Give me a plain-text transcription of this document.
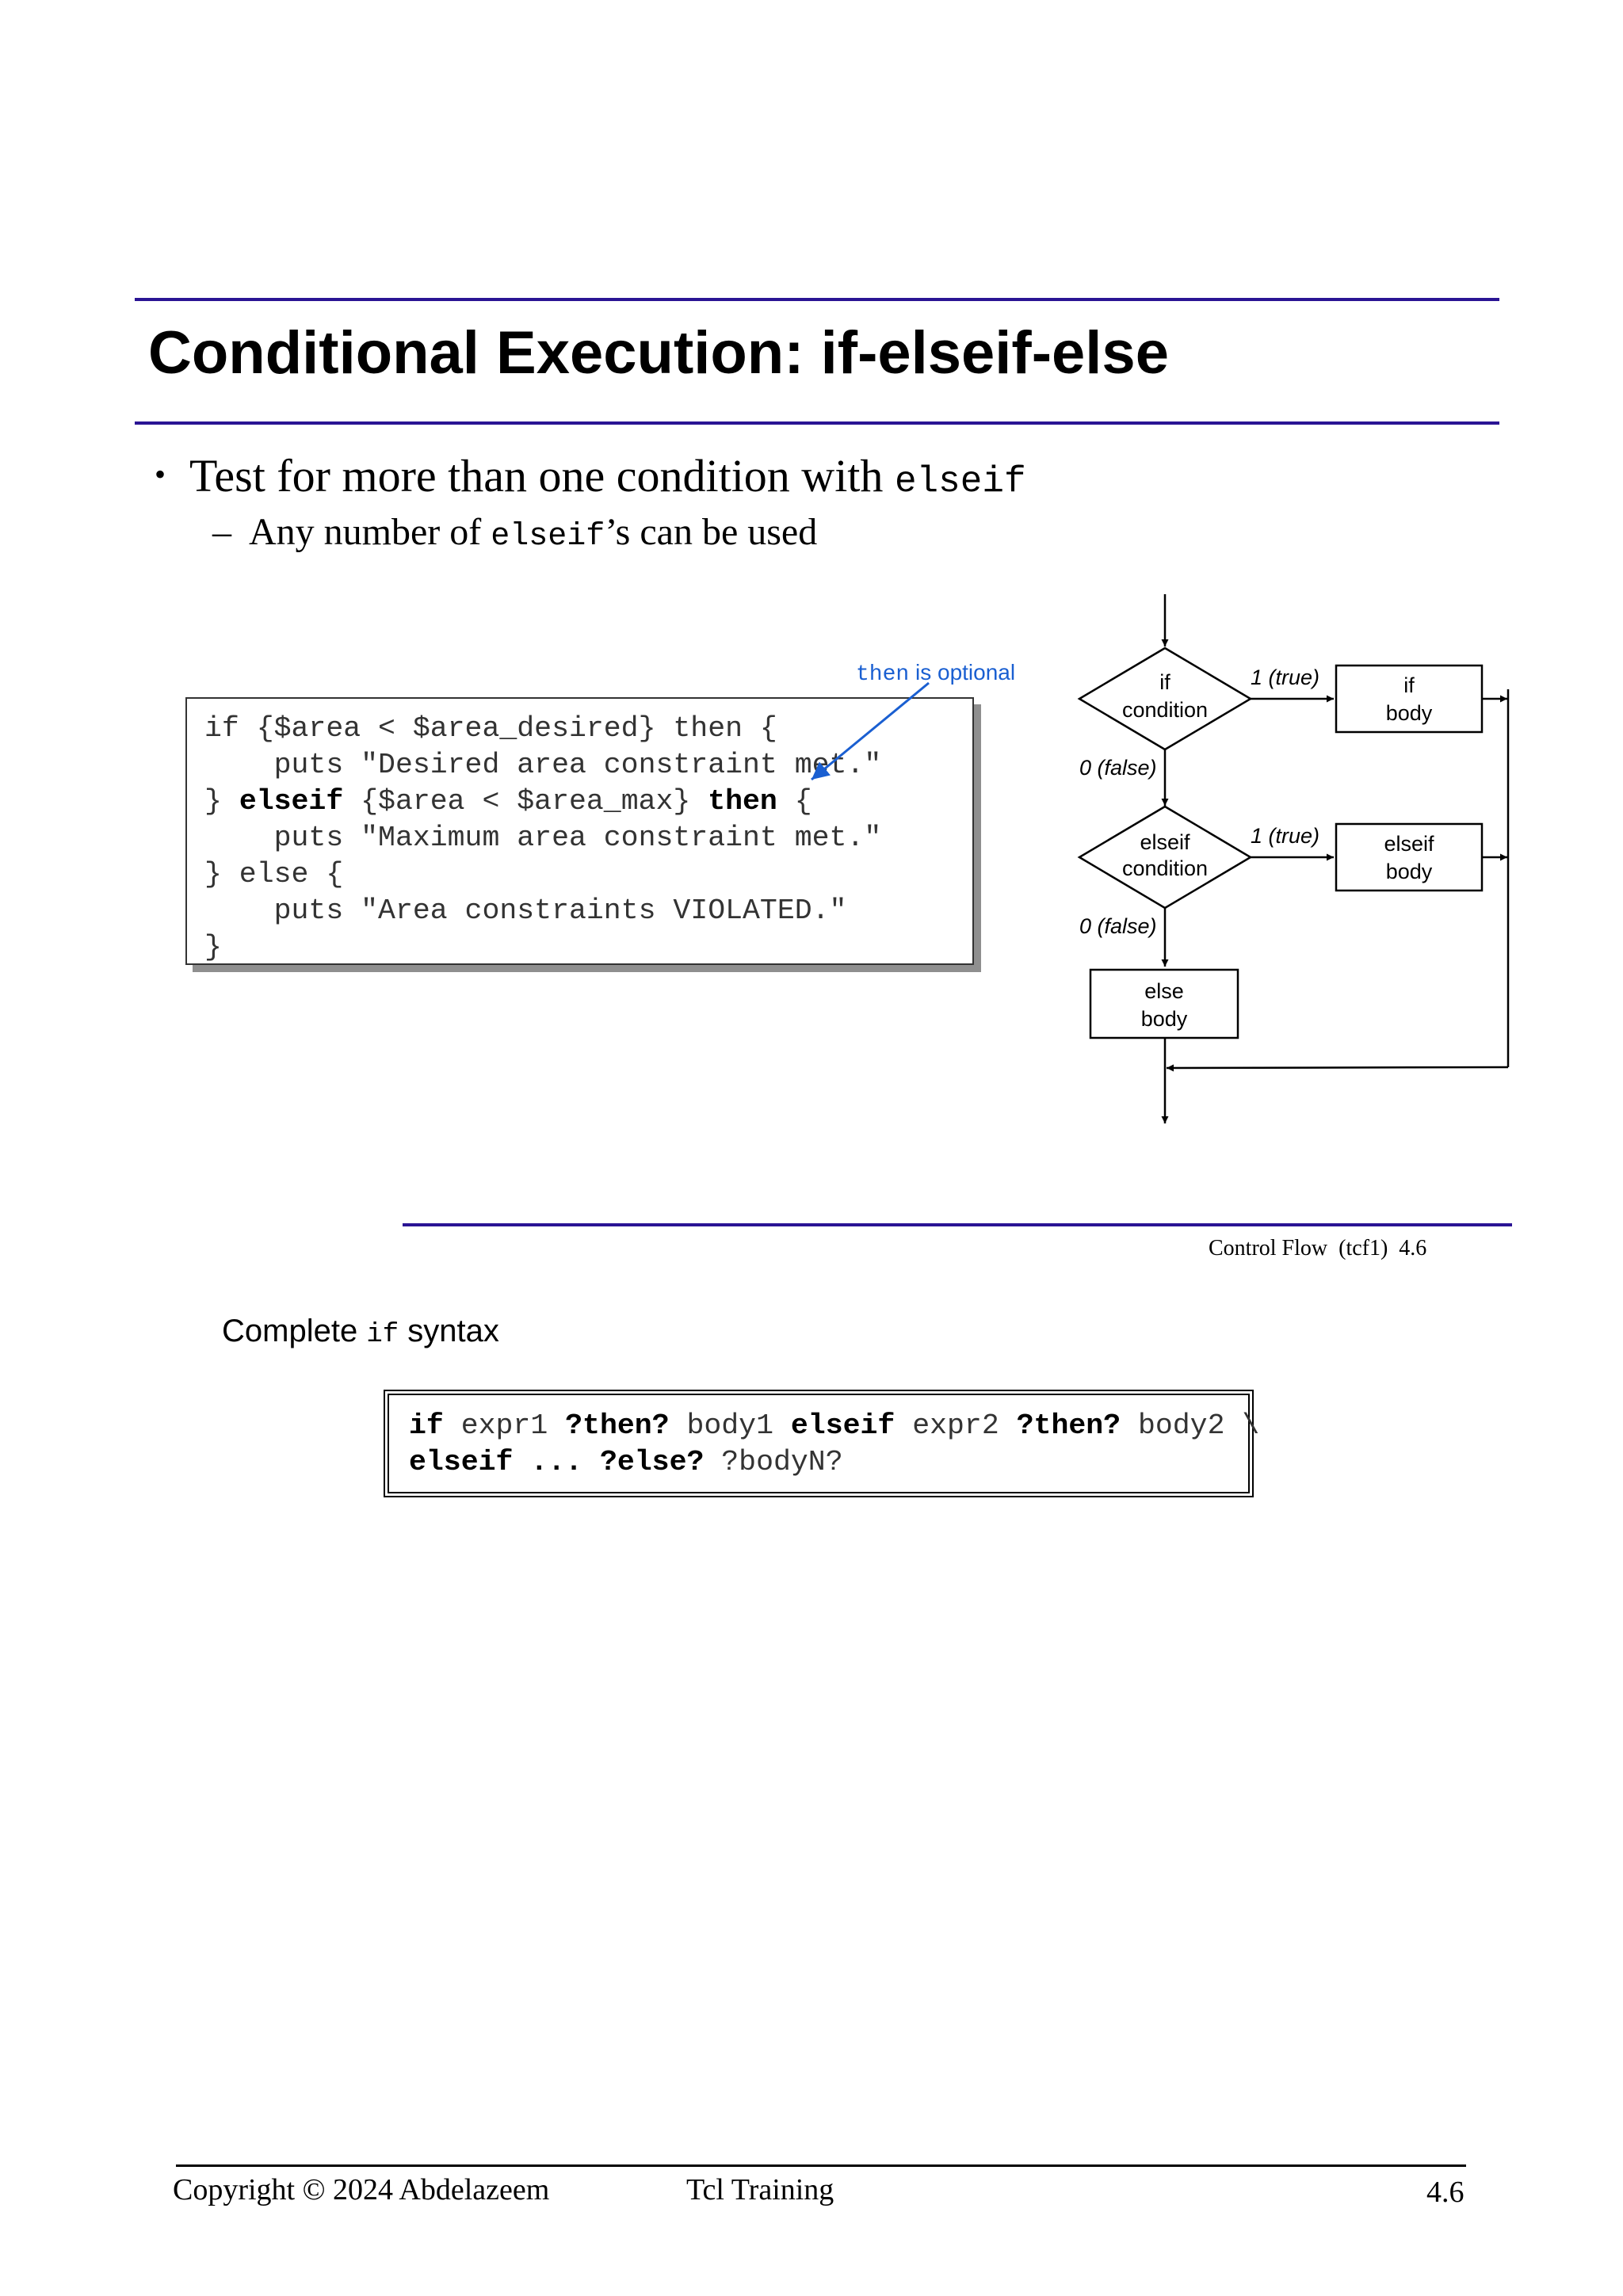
Conditional Execution: if-elseif-else
• Test for more than one condition with elseif
– Any number of elseif’s can be used
if {$area < $area_desired} then {
puts "Desired area constraint met."
} elseif {$area < $area_max} then {
puts "Maximum area constraint met."
} else {
puts "Area constraints VIOLATED."
}
then is optional	if
condition
1 (true)	if
body
0 (false)
elseif
condition
1 (true)	elseif
body
0 (false)
else
body
Control Flow  (tcf1)  4.6
Complete if syntax
if expr1 ?then? body1 elseif expr2 ?then? body2 \
elseif ... ?else? ?bodyN?
Copyright © 2024 Abdelazeem	Tcl Training	4.6
